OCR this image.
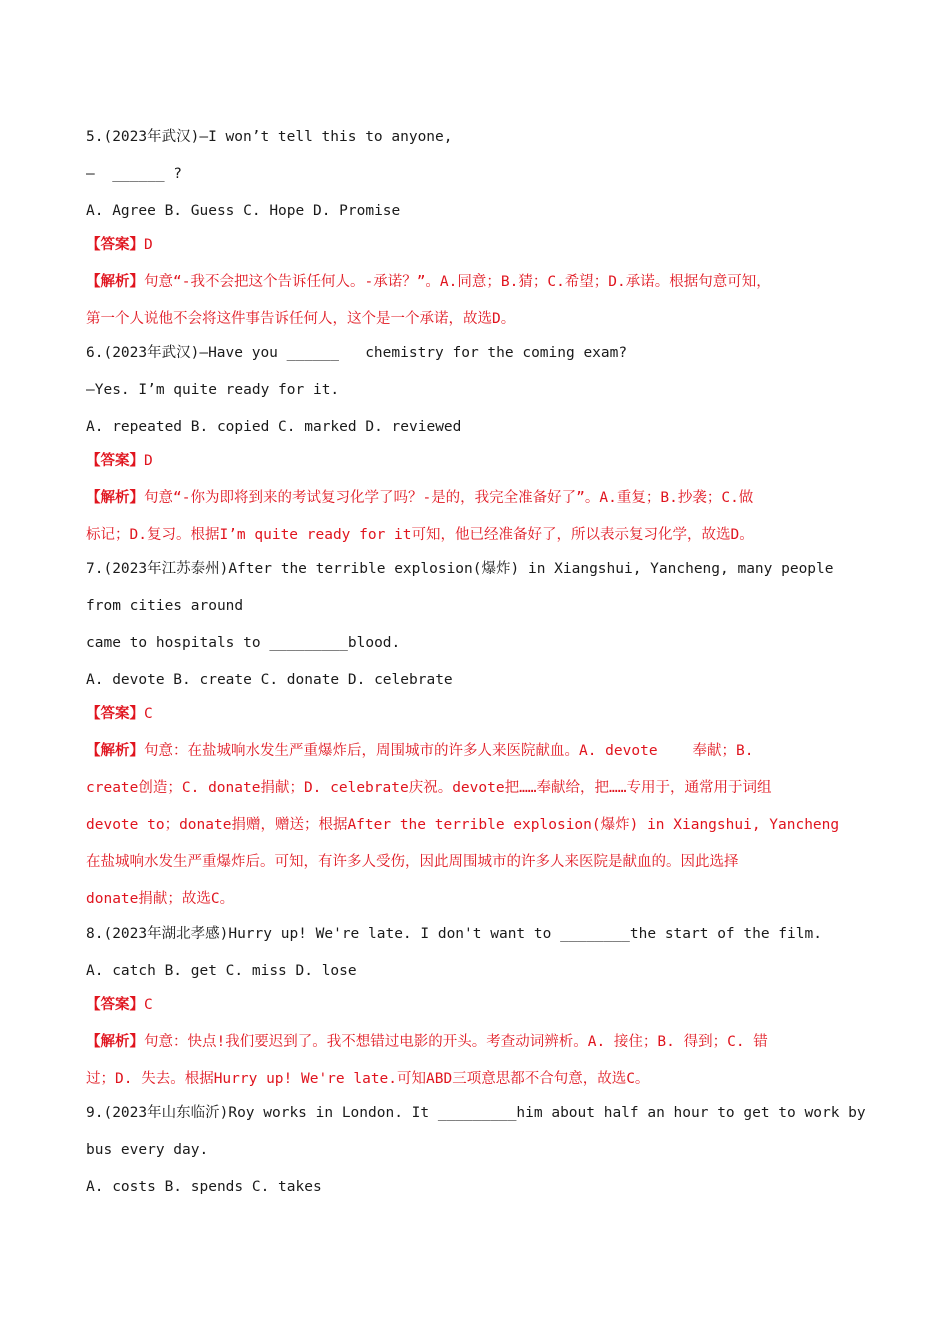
5.(2023年武汉)—I won’t tell this to anyone,
—  ______ ?
A. Agree B. Guess C. Hope D. Promise
【答案】D
【解析】句意“-我不会把这个告诉任何人。-承诺？”。A.同意；B.猜；C.希望；D.承诺。根据句意可知，
第一个人说他不会将这件事告诉任何人，这个是一个承诺，故选D。
6.(2023年武汉)—Have you ______   chemistry for the coming exam?
—Yes. I’m quite ready for it.
A. repeated B. copied C. marked D. reviewed
【答案】D
【解析】句意“-你为即将到来的考试复习化学了吗？-是的，我完全准备好了”。A.重复；B.抄袭；C.做
标记；D.复习。根据I’m quite ready for it可知，他已经准备好了，所以表示复习化学，故选D。
7.(2023年江苏泰州)After the terrible explosion(爆炸) in Xiangshui, Yancheng, many people
from cities around
came to hospitals to _________blood.
A. devote B. create C. donate D. celebrate
【答案】C
【解析】句意：在盐城响水发生严重爆炸后，周围城市的许多人来医院献血。A. devote    奉献；B.
create创造；C. donate捐献；D. celebrate庆祝。devote把……奉献给，把……专用于，通常用于词组
devote to；donate捐赠，赠送；根据After the terrible explosion(爆炸) in Xiangshui, Yancheng
在盐城响水发生严重爆炸后。可知，有许多人受伤，因此周围城市的许多人来医院是献血的。因此选择
donate捐献；故选C。
8.(2023年湖北孝感)Hurry up! We're late. I don't want to ________the start of the film.
A. catch B. get C. miss D. lose
【答案】C
【解析】句意：快点!我们要迟到了。我不想错过电影的开头。考查动词辨析。A. 接住；B. 得到；C. 错
过；D. 失去。根据Hurry up! We're late.可知ABD三项意思都不合句意，故选C。
9.(2023年山东临沂)Roy works in London. It _________him about half an hour to get to work by
bus every day.
A. costs B. spends C. takes
